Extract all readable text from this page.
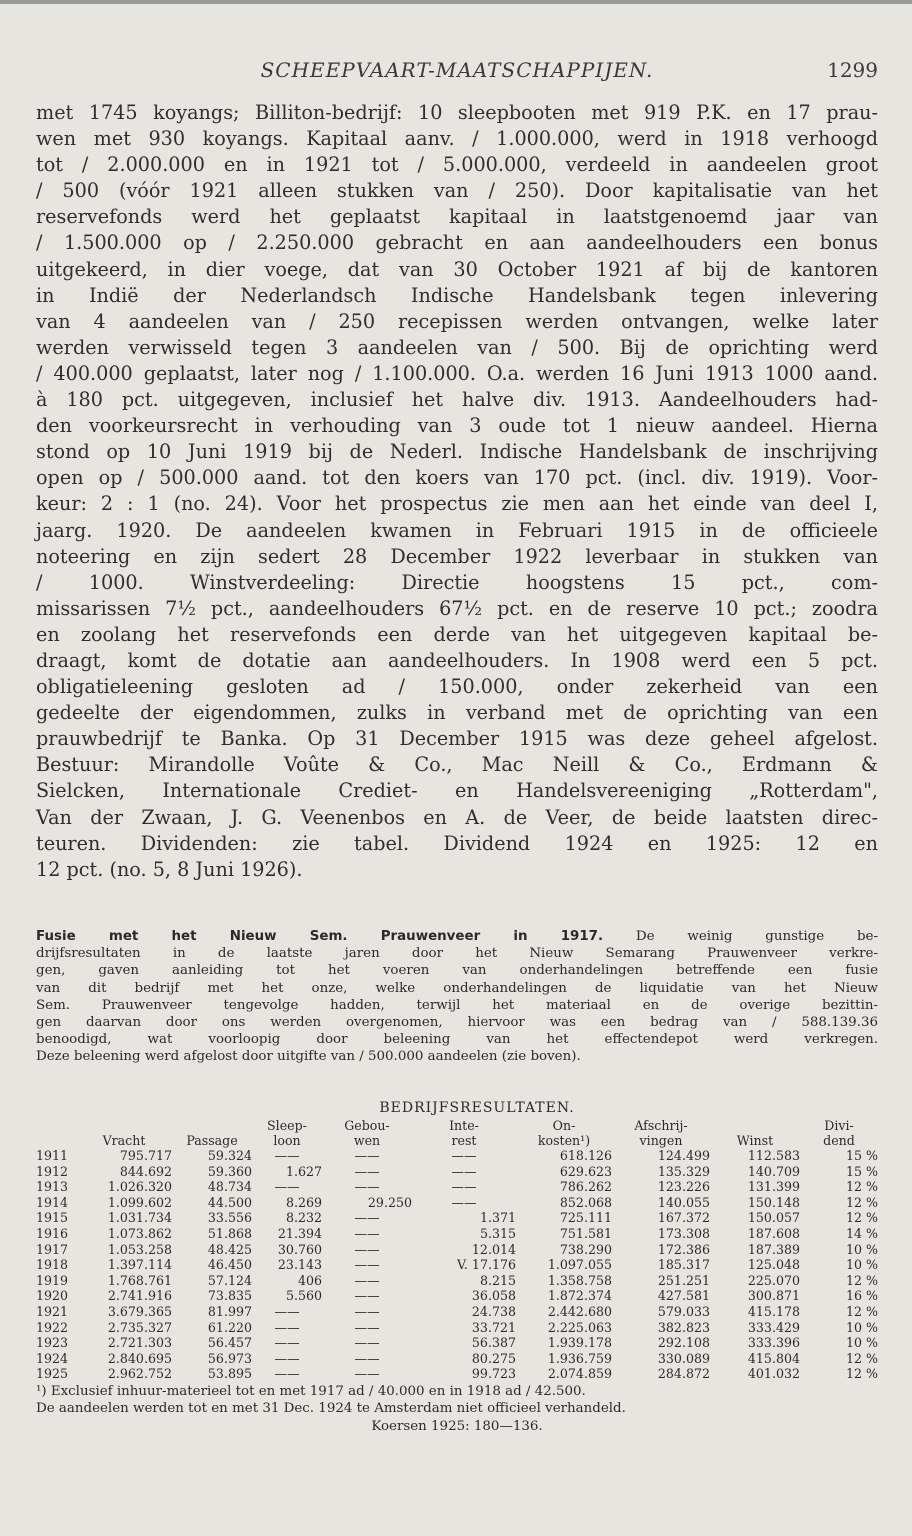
SCHEEPVAART-MAATSCHAPPIJEN.	1299
met 1745 koyangs; Billiton-bedrijf: 10 sleepbooten met 919 P.K. en 17 prau-
wen met 930 koyangs. Kapitaal aanv. / 1.000.000, werd in 1918 verhoogd
tot / 2.000.000 en in 1921 tot / 5.000.000, verdeeld in aandeelen groot
/ 500 (vóór 1921 alleen stukken van / 250). Door kapitalisatie van het
reservefonds werd het geplaatst kapitaal in laatstgenoemd jaar van
/ 1.500.000 op / 2.250.000 gebracht en aan aandeelhouders een bonus
uitgekeerd, in dier voege, dat van 30 October 1921 af bij de kantoren
in Indië der Nederlandsch Indische Handelsbank tegen inlevering
van 4 aandeelen van / 250 recepissen werden ontvangen, welke later
werden verwisseld tegen 3 aandeelen van / 500. Bij de oprichting werd
/ 400.000 geplaatst, later nog / 1.100.000. O.a. werden 16 Juni 1913 1000 aand.
à 180 pct. uitgegeven, inclusief het halve div. 1913. Aandeelhouders had-
den voorkeursrecht in verhouding van 3 oude tot 1 nieuw aandeel. Hierna
stond op 10 Juni 1919 bij de Nederl. Indische Handelsbank de inschrijving
open op / 500.000 aand. tot den koers van 170 pct. (incl. div. 1919). Voor-
keur: 2 : 1 (no. 24). Voor het prospectus zie men aan het einde van deel I,
jaarg. 1920. De aandeelen kwamen in Februari 1915 in de officieele
noteering en zijn sedert 28 December 1922 leverbaar in stukken van
/ 1000. Winstverdeeling: Directie hoogstens 15 pct., com-
missarissen 7½ pct., aandeelhouders 67½ pct. en de reserve 10 pct.; zoodra
en zoolang het reservefonds een derde van het uitgegeven kapitaal be-
draagt, komt de dotatie aan aandeelhouders. In 1908 werd een 5 pct.
obligatieleening gesloten ad / 150.000, onder zekerheid van een
gedeelte der eigendommen, zulks in verband met de oprichting van een
prauwbedrijf te Banka. Op 31 December 1915 was deze geheel afgelost.
Bestuur: Mirandolle Voûte & Co., Mac Neill & Co., Erdmann &
Sielcken, Internationale Crediet- en Handelsvereeniging „Rotterdam",
Van der Zwaan, J. G. Veenenbos en A. de Veer, de beide laatsten direc-
teuren. Dividenden: zie tabel. Dividend 1924 en 1925: 12 en
12 pct. (no. 5, 8 Juni 1926).
Fusie met het Nieuw Sem. Prauwenveer in 1917. De weinig gunstige be-
drijfsresultaten in de laatste jaren door het Nieuw Semarang Prauwenveer verkre-
gen, gaven aanleiding tot het voeren van onderhandelingen betreffende een fusie
van dit bedrijf met het onze, welke onderhandelingen de liquidatie van het Nieuw
Sem. Prauwenveer tengevolge hadden, terwijl het materiaal en de overige bezittin-
gen daarvan door ons werden overgenomen, hiervoor was een bedrag van / 588.139.36
benoodigd, wat voorloopig door beleening van het effectendepot werd verkregen.
Deze beleening werd afgelost door uitgifte van / 500.000 aandeelen (zie boven).
BEDRIJFSRESULTATEN.
	Vracht	Passage	Sleep-
loon	Gebou-
wen	Inte-
rest	On-
kosten¹)	Afschrij-
vingen	Winst	Divi-
dend
1911	795.717	59.324	——	——	——	618.126	124.499	112.583	15 %
1912	844.692	59.360	1.627	——	——	629.623	135.329	140.709	15 %
1913	1.026.320	48.734	——	——	——	786.262	123.226	131.399	12 %
1914	1.099.602	44.500	8.269	29.250	——	852.068	140.055	150.148	12 %
1915	1.031.734	33.556	8.232	——	1.371	725.111	167.372	150.057	12 %
1916	1.073.862	51.868	21.394	——	5.315	751.581	173.308	187.608	14 %
1917	1.053.258	48.425	30.760	——	12.014	738.290	172.386	187.389	10 %
1918	1.397.114	46.450	23.143	——	V. 17.176	1.097.055	185.317	125.048	10 %
1919	1.768.761	57.124	406	——	8.215	1.358.758	251.251	225.070	12 %
1920	2.741.916	73.835	5.560	——	36.058	1.872.374	427.581	300.871	16 %
1921	3.679.365	81.997	——	——	24.738	2.442.680	579.033	415.178	12 %
1922	2.735.327	61.220	——	——	33.721	2.225.063	382.823	333.429	10 %
1923	2.721.303	56.457	——	——	56.387	1.939.178	292.108	333.396	10 %
1924	2.840.695	56.973	——	——	80.275	1.936.759	330.089	415.804	12 %
1925	2.962.752	53.895	——	——	99.723	2.074.859	284.872	401.032	12 %
¹) Exclusief inhuur-materieel tot en met 1917 ad / 40.000 en in 1918 ad / 42.500.
De aandeelen werden tot en met 31 Dec. 1924 te Amsterdam niet officieel verhandeld.
Koersen 1925: 180—136.
